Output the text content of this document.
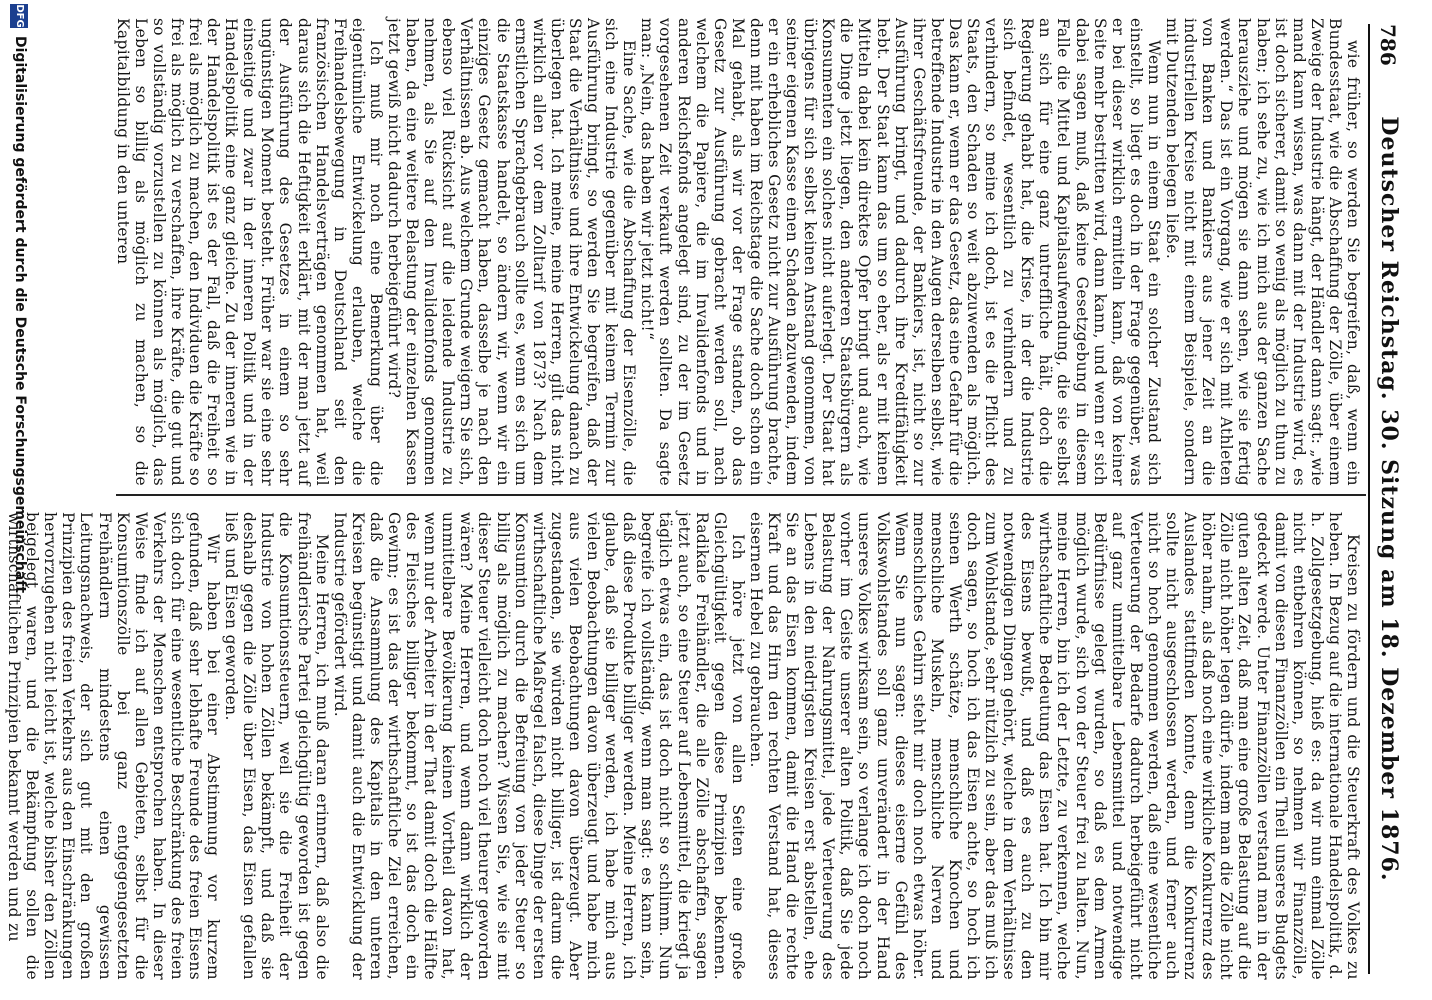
786
Deutscher Reichstag. 30. Sitzung am 18. Dezember 1876.

wie früher, so werden Sie begreifen, daß, wenn ein Bundesstaat, wie die Abschaffung der Zölle, über einem Zweige der Industrie hängt, der Händler dann sagt: „wie mand kann wissen, was dann mit der Industrie wird, es ist doch sicherer, damit so wenig als möglich zu thun zu haben; ich sehe zu, wie ich mich aus der ganzen Sache herausziehe und mögen sie dann sehen, wie sie fertig werden.“ Das ist ein Vorgang, wie er sich mit Athleten von Banken und Bankiers aus jener Zeit an die industriellen Kreise nicht mit einem Beispiele, sondern mit Dutzenden belegen ließe.

Wenn nun in einem Staat ein solcher Zustand sich einstellt, so liegt es doch in der Frage gegenüber, was er bei dieser wirklich ermitteln kann, daß von keiner Seite mehr bestritten wird, dann kann, und wenn er sich dabei sagen muß, daß keine Gesetzgebung in diesem Falle die Mittel und Kapitalsaufwendung, die sie selbst an sich für eine ganz untreffliche hält, doch die Regierung gehabt hat, die Krise, in der die Industrie sich befindet, wesentlich zu verhindern und zu verhindern, so meine ich doch, ist es die Pflicht des Staats, den Schaden so weit abzuwenden als möglich. Das kann er, wenn er das Gesetz, das eine Gefahr für die betreffende Industrie in den Augen derselben selbst, wie ihrer Geschäftsfreunde, der Bankiers, ist, nicht so zur Ausführung bringt, und dadurch ihre Kreditfähigkeit hebt. Der Staat kann das um so eher, als er mit keinen Mitteln dabei kein direktes Opfer bringt und auch, wie die Dinge jetzt liegen, den anderen Staatsbürgern als Konsumenten ein solches nicht auferlegt. Der Staat hat übrigens für sich selbst keinen Anstand genommen, von seiner eigenen Kasse einen Schaden abzuwenden, indem er ein erhebliches Gesetz nicht zur Ausführung brachte, denn mit haben im Reichstage die Sache doch schon ein Mal gehabt, als wir vor der Frage standen, ob das Gesetz zur Ausführung gebracht werden soll, nach welchem die Papiere, die im Invalidenfonds und in anderen Reichsfonds angelegt sind, zu der im Gesetz vorgesehenen Zeit verkauft werden sollten. Da sagte man: „Nein, das haben wir jetzt nicht!“

Eine Sache, wie die Abschaffung der Eisenzölle, die sich eine Industrie gegenüber mit keinem Termin zur Ausführung bringt, so werden Sie begreifen, daß der Staat die Verhältnisse und ihre Entwickelung danach zu überlegen hat. Ich meine, meine Herren, gilt das nicht wirklich allen vor dem Zolltarif von 1873? Nach dem ernstlichen Sprachgebrauch sollte es, wenn es sich um die Staatskasse handelt, so ändern wir, wenn wir ein einziges Gesetz gemacht haben, dasselbe je nach den Verhältnissen ab. Aus welchem Grunde weigern Sie sich, ebenso viel Rücksicht auf die leidende Industrie zu nehmen, als Sie auf den Invalidenfonds genommen haben, da eine weitere Belastung der einzelnen Kassen jetzt gewiß nicht dadurch herbeigeführt wird?

Ich muß mir noch eine Bemerkung über die eigentümliche Entwickelung erlauben, welche die Freihandelsbewegung in Deutschland seit den französischen Handelsverträgen genommen hat, weil daraus sich die Heftigkeit erklärt, mit der man jetzt auf der Ausführung des Gesetzes in einem so sehr ungünstigen Moment besteht. Früher war sie eine sehr einseitige und zwar in der inneren Politik und in der Handelspolitik eine ganz gleiche. Zu der inneren wie in der Handelspolitik ist es der Fall, daß die Freiheit so frei als möglich zu machen, den Individuen die Kräfte so frei als möglich zu verschaffen, ihre Kräfte, die gut und so vollständig vorzustellen zu können als möglich, das Leben so billig als möglich zu machen, so die Kapitalbildung in den unteren

Kreisen zu fördern und die Steuerkraft des Volkes zu heben. In Bezug auf die internationale Handelspolitik, d. h. Zollgesetzgebung, hieß es: da wir nun einmal Zölle nicht entbehren können, so nehmen wir Finanzzölle, damit von diesen Finanzzöllen ein Theil unseres Budgets gedeckt werde. Unter Finanzzöllen verstand man in der guten alten Zeit, daß man eine große Belastung auf die Zölle nicht höher legen dürfe, indem man die Zölle nicht höher nahm, als daß noch eine wirkliche Konkurrenz des Auslandes stattfinden konnte, denn die Konkurrenz sollte nicht ausgeschlossen werden, und ferner auch nicht so hoch genommen werden, daß eine wesentliche Verteuerung der Bedarfe dadurch herbeigeführt nicht auf ganz unmittelbare Lebensmittel und notwendige Bedürfnisse gelegt wurden, so daß es dem Armen möglich wurde, sich von der Steuer frei zu halten. Nun, meine Herren, bin ich der Letzte, zu verkennen, welche wirthschaftliche Bedeutung das Eisen hat. Ich bin mir des Eisens bewußt, und daß es auch zu den notwendigen Dingen gehört, welche in dem Verhältnisse zum Wohlstande, sehr nützlich zu sein, aber das muß ich doch sagen, so hoch ich das Eisen achte, so hoch ich seinen Werth schätze, menschliche Knochen und menschliche Muskeln, menschliche Nerven und menschliches Gehirn steht mir doch noch etwas höher. Wenn Sie nun sagen: dieses eiserne Gefühl des Volkswohlstandes soll ganz unverändert in der Hand unseres Volkes wirksam sein, so verlange ich doch noch vorher im Geiste unserer alten Politik, daß Sie jede Belastung der Nahrungsmittel, jede Verteuerung des Lebens in den niedrigsten Kreisen erst abstellen, ehe Sie an das Eisen kommen, damit die Hand die rechte Kraft und das Hirn den rechten Verstand hat, dieses eisernen Hebel zu gebrauchen.

Ich höre jetzt von allen Seiten eine große Gleichgültigkeit gegen diese Prinzipien bekennen. Radikale Freihändler, die alle Zölle abschaffen, sagen jetzt auch, so eine Steuer auf Lebensmittel, die kriegt ja täglich etwas ein, das ist doch nicht so schlimm. Nun begreife ich vollständig, wenn man sagt: es kann sein, daß diese Produkte billiger werden. Meine Herren, ich glaube, daß sie billiger werden, ich habe mich aus vielen Beobachtungen davon überzeugt und habe mich aus vielen Beobachtungen davon überzeugt. Aber zugestanden, sie würden nicht billiger, ist darum die wirthschaftliche Maßregel falsch, diese Dinge der ersten Konsumtion durch die Befreiung von jeder Steuer so billig als möglich zu machen? Wissen Sie, wie sie mit dieser Steuer vielleicht doch noch viel theurer geworden wären? Meine Herren, und wenn dann wirklich der unmittelbare Bevölkerung keinen Vortheil davon hat, wenn nur der Arbeiter in der That damit doch die Hälfte des Fleisches billiger bekommt, so ist das doch ein Gewinn; es ist das der wirthschaftliche Ziel erreichen, daß die Ansammlung des Kapitals in den unteren Kreisen begünstigt und damit auch die Entwicklung der Industrie gefördert wird.

Meine Herren, ich muß daran erinnern, daß also die freihändlerische Partei gleichgültig geworden ist gegen die Konsumtionssteuern, weil sie die Freiheit der Industrie von hohen Zöllen bekämpft, und daß sie deshalb gegen die Zölle über Eisen, das Eisen gefallen ließ und Eisen geworden.

Wir haben bei einer Abstimmung vor kurzem gefunden, daß sehr lebhafte Freunde des freien Eisens sich doch für eine wesentliche Beschränkung des freien Verkehrs der Menschen entsprochen haben. In dieser Weise finde ich auf allen Gebieten, selbst für die Konsumtionszölle bei ganz entgegengesetzten Freihändlern mindestens einen gewissen Leitungsnachweis, der sich gut mit den großen Prinzipien des freien Verkehrs aus den Einschränkungen hervorzugehen nicht leicht ist, welche bisher den Zöllen beigelegt waren, und die Bekämpfung sollen die wirthschaftlichen Prinzipien bekannt werden und zu

DFG
Digitalisierung gefördert durch die Deutsche Forschungsgemeinschaft
